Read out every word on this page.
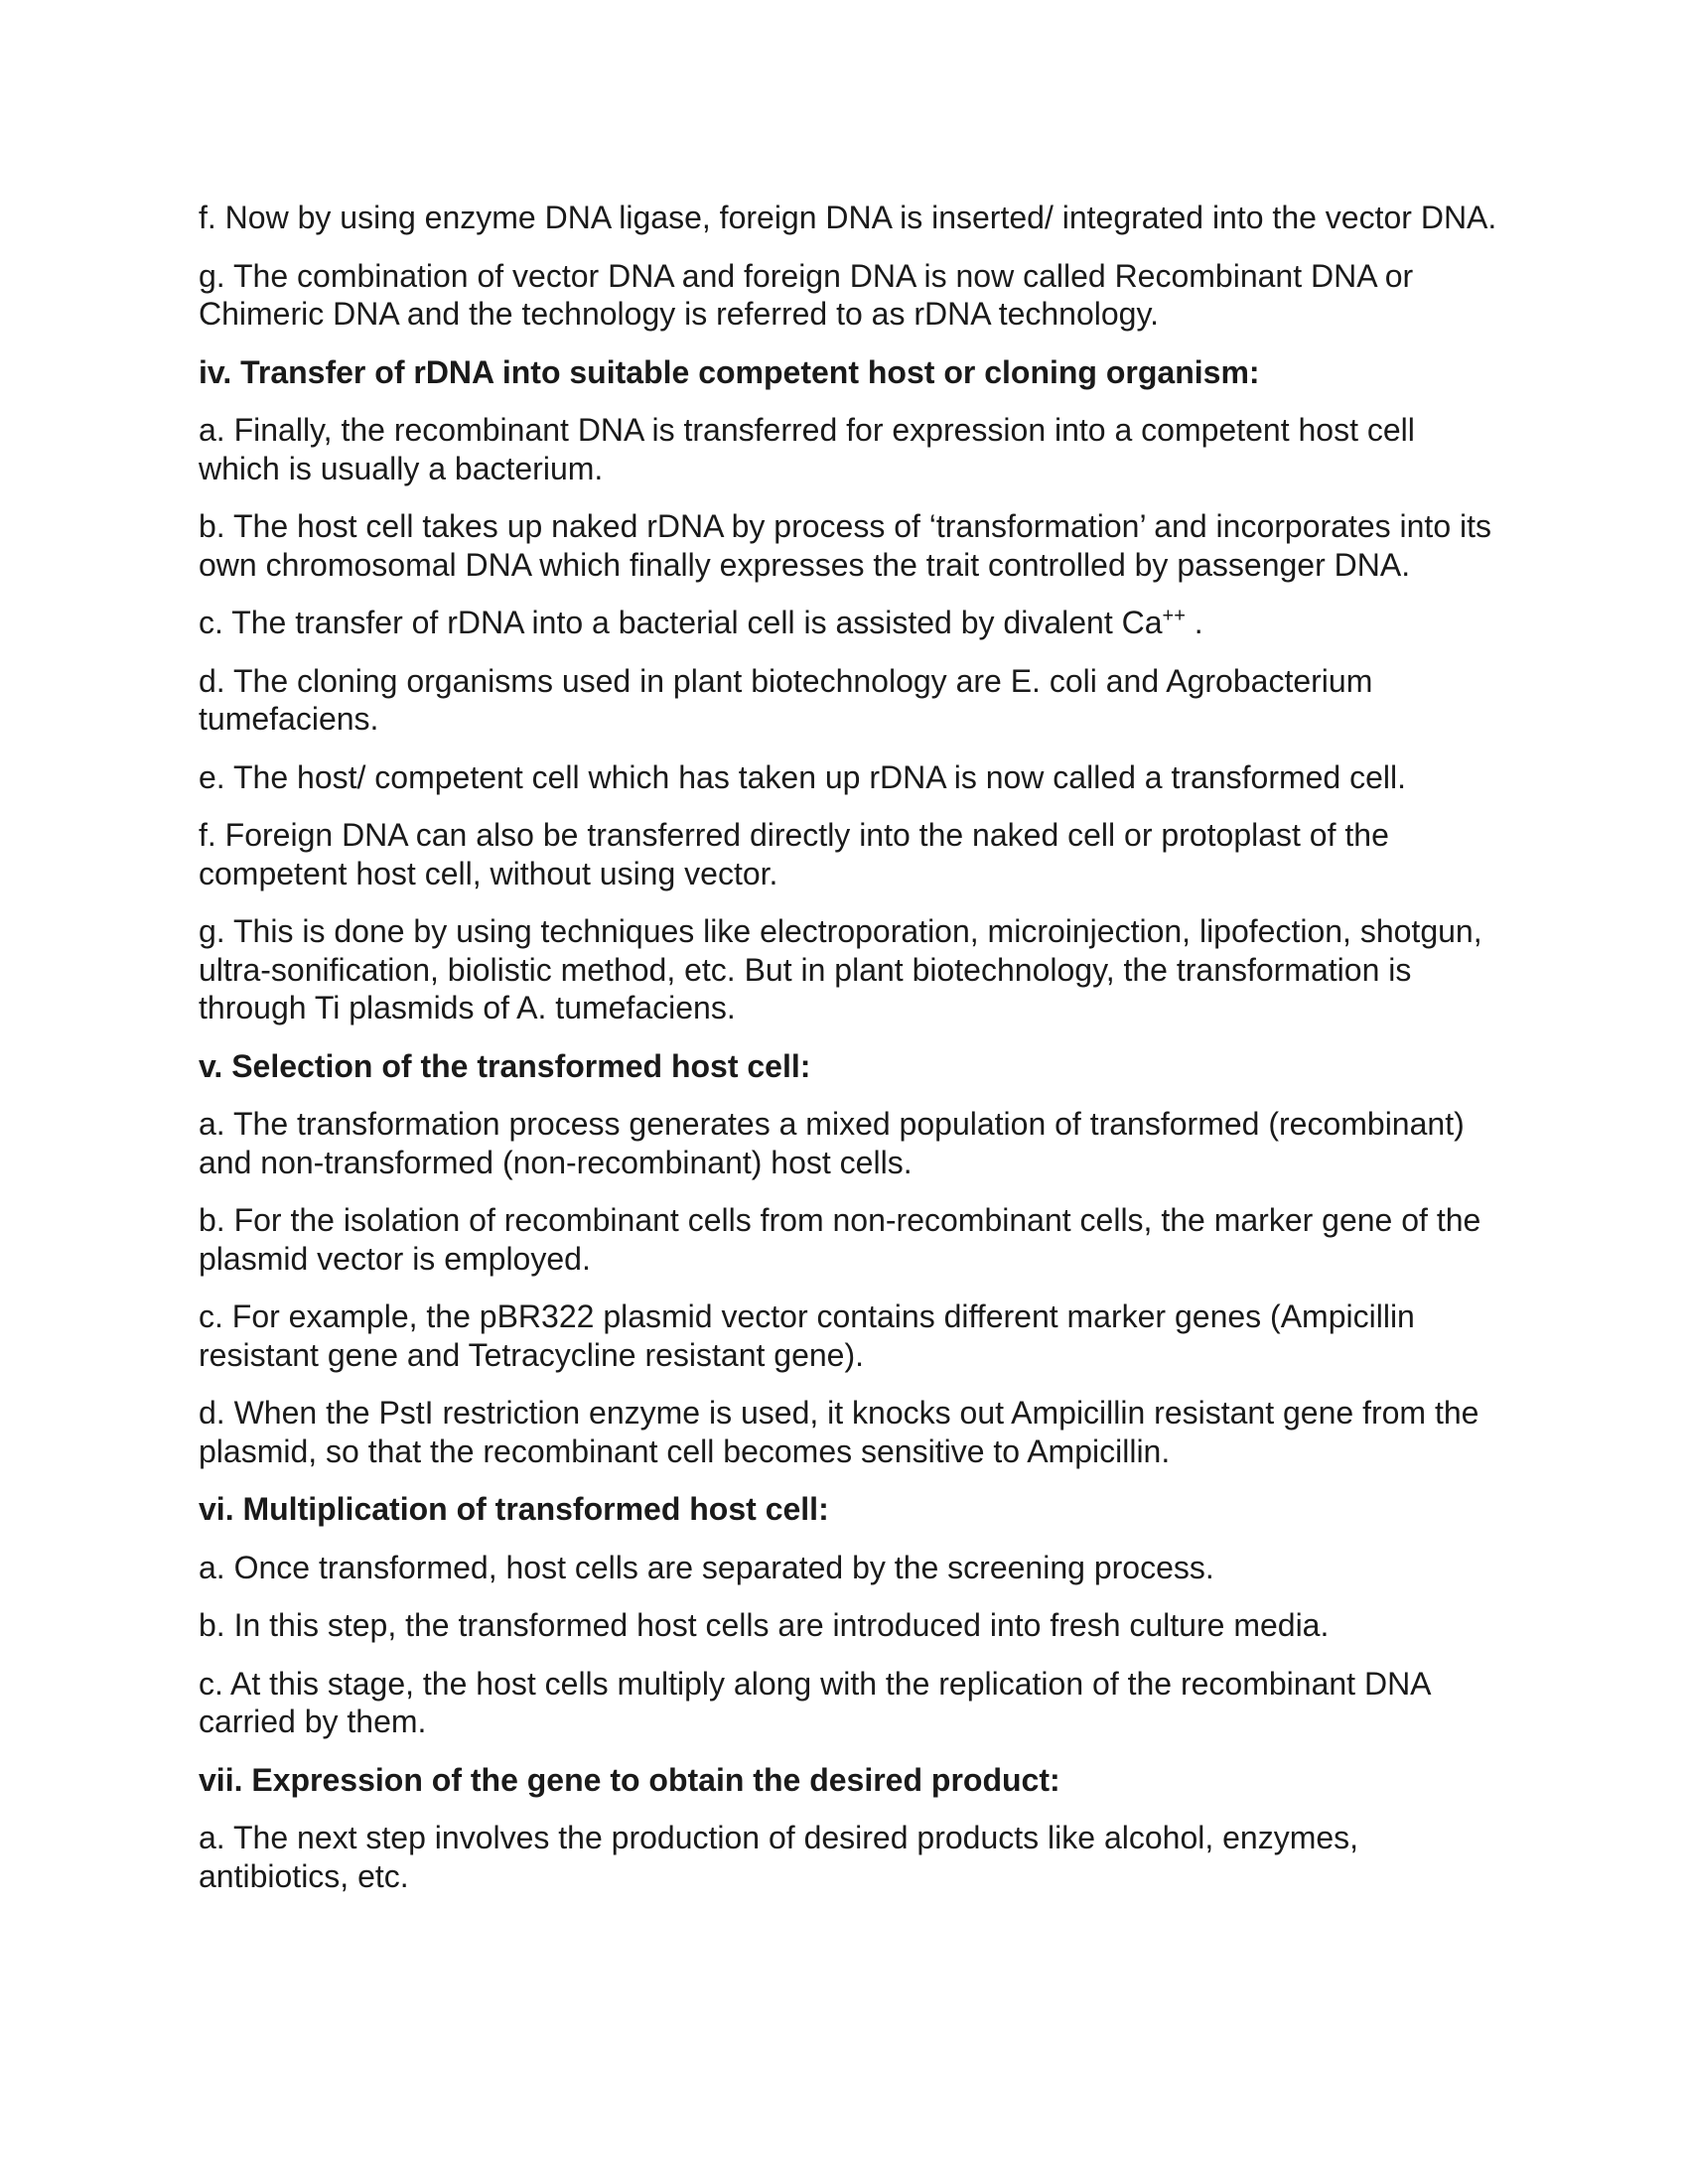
f. Now by using enzyme DNA ligase, foreign DNA is inserted/ integrated into the vector DNA.

g. The combination of vector DNA and foreign DNA is now called Recombinant DNA or Chimeric DNA and the technology is referred to as rDNA technology.

iv. Transfer of rDNA into suitable competent host or cloning organism:

a. Finally, the recombinant DNA is transferred for expression into a competent host cell which is usually a bacterium.

b. The host cell takes up naked rDNA by process of ‘transformation’ and incorporates into its own chromosomal DNA which finally expresses the trait controlled by passenger DNA.

c. The transfer of rDNA into a bacterial cell is assisted by divalent Ca++ .

d. The cloning organisms used in plant biotechnology are E. coli and Agrobacterium tumefaciens.

e. The host/ competent cell which has taken up rDNA is now called a transformed cell.

f. Foreign DNA can also be transferred directly into the naked cell or protoplast of the competent host cell, without using vector.

g. This is done by using techniques like electroporation, microinjection, lipofection, shotgun, ultra-sonification, biolistic method, etc. But in plant biotechnology, the transformation is through Ti plasmids of A. tumefaciens.

v. Selection of the transformed host cell:

a. The transformation process generates a mixed population of transformed (recombinant) and non-transformed (non-recombinant) host cells.

b. For the isolation of recombinant cells from non-recombinant cells, the marker gene of the plasmid vector is employed.

c. For example, the pBR322 plasmid vector contains different marker genes (Ampicillin resistant gene and Tetracycline resistant gene).

d. When the PstI restriction enzyme is used, it knocks out Ampicillin resistant gene from the plasmid, so that the recombinant cell becomes sensitive to Ampicillin.

vi. Multiplication of transformed host cell:

a. Once transformed, host cells are separated by the screening process.

b. In this step, the transformed host cells are introduced into fresh culture media.

c. At this stage, the host cells multiply along with the replication of the recombinant DNA carried by them.

vii. Expression of the gene to obtain the desired product:

a. The next step involves the production of desired products like alcohol, enzymes, antibiotics, etc.
